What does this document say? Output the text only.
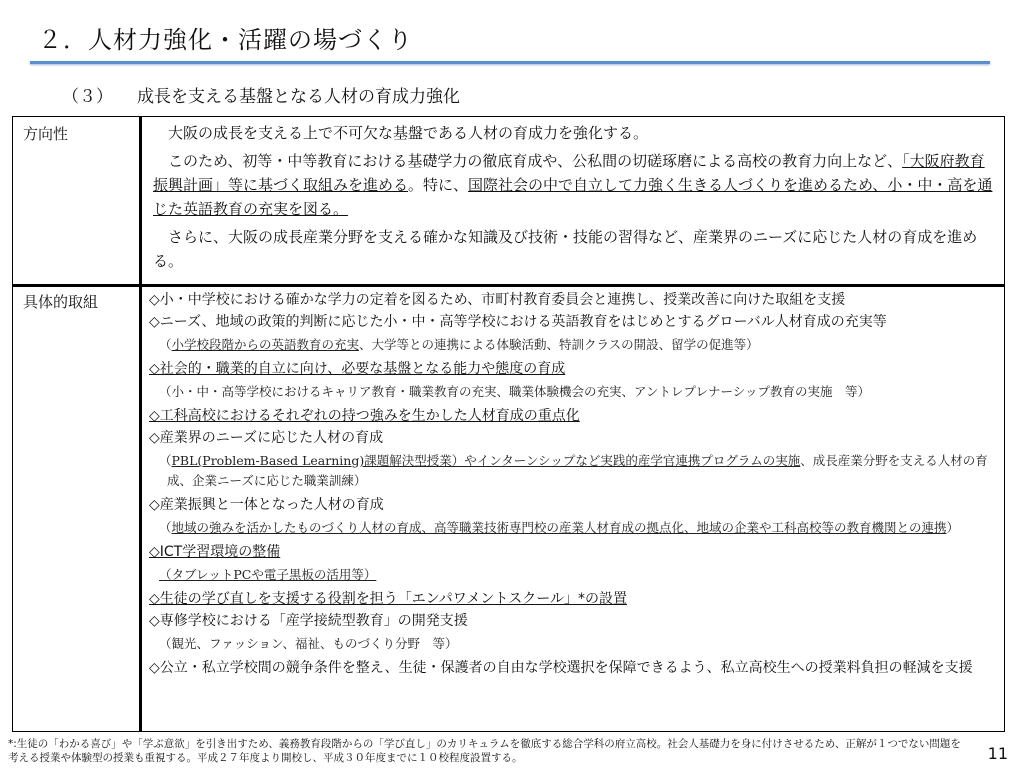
２．人材力強化・活躍の場づくり
（３） 成長を支える基盤となる人材の育成力強化
方向性
具体的取組

大阪の成長を支える上で不可欠な基盤である人材の育成力を強化する。

このため、初等・中等教育における基礎学力の徹底育成や、公私間の切磋琢磨による高校の教育力向上など、「大阪府教育振興計画」等に基づく取組みを進める。特に、国際社会の中で自立して力強く生きる人づくりを進めるため、小・中・高を通じた英語教育の充実を図る。

さらに、大阪の成長産業分野を支える確かな知識及び技術・技能の習得など、産業界のニーズに応じた人材の育成を進める。

◇小・中学校における確かな学力の定着を図るため、市町村教育委員会と連携し、授業改善に向けた取組を支援

◇ニーズ、地域の政策的判断に応じた小・中・高等学校における英語教育をはじめとするグローバル人材育成の充実等

（小学校段階からの英語教育の充実、大学等との連携による体験活動、特訓クラスの開設、留学の促進等）

◇社会的・職業的自立に向け、必要な基盤となる能力や態度の育成

（小・中・高等学校におけるキャリア教育・職業教育の充実、職業体験機会の充実、アントレプレナーシップ教育の実施　等）

◇工科高校におけるそれぞれの持つ強みを生かした人材育成の重点化

◇産業界のニーズに応じた人材の育成

（PBL(Problem-Based Learning)課題解決型授業）やインターンシップなど実践的産学官連携プログラムの実施、成長産業分野を支える人材の育成、企業ニーズに応じた職業訓練）

◇産業振興と一体となった人材の育成

（地域の強みを活かしたものづくり人材の育成、高等職業技術専門校の産業人材育成の拠点化、地域の企業や工科高校等の教育機関との連携）

◇ICT学習環境の整備

（タブレットPCや電子黒板の活用等）

◇生徒の学び直しを支援する役割を担う「エンパワメントスクール」*の設置

◇専修学校における「産学接続型教育」の開発支援

（観光、ファッション、福祉、ものづくり分野　等）

◇公立・私立学校間の競争条件を整え、生徒・保護者の自由な学校選択を保障できるよう、私立高校生への授業料負担の軽減を支援

*:生徒の「わかる喜び」や「学ぶ意欲」を引き出すため、義務教育段階からの「学び直し」のカリキュラムを徹底する総合学科の府立高校。社会人基礎力を身に付けさせるため、正解が１つでない問題を考える授業や体験型の授業も重視する。平成２７年度より開校し、平成３０年度までに１０校程度設置する。	11
